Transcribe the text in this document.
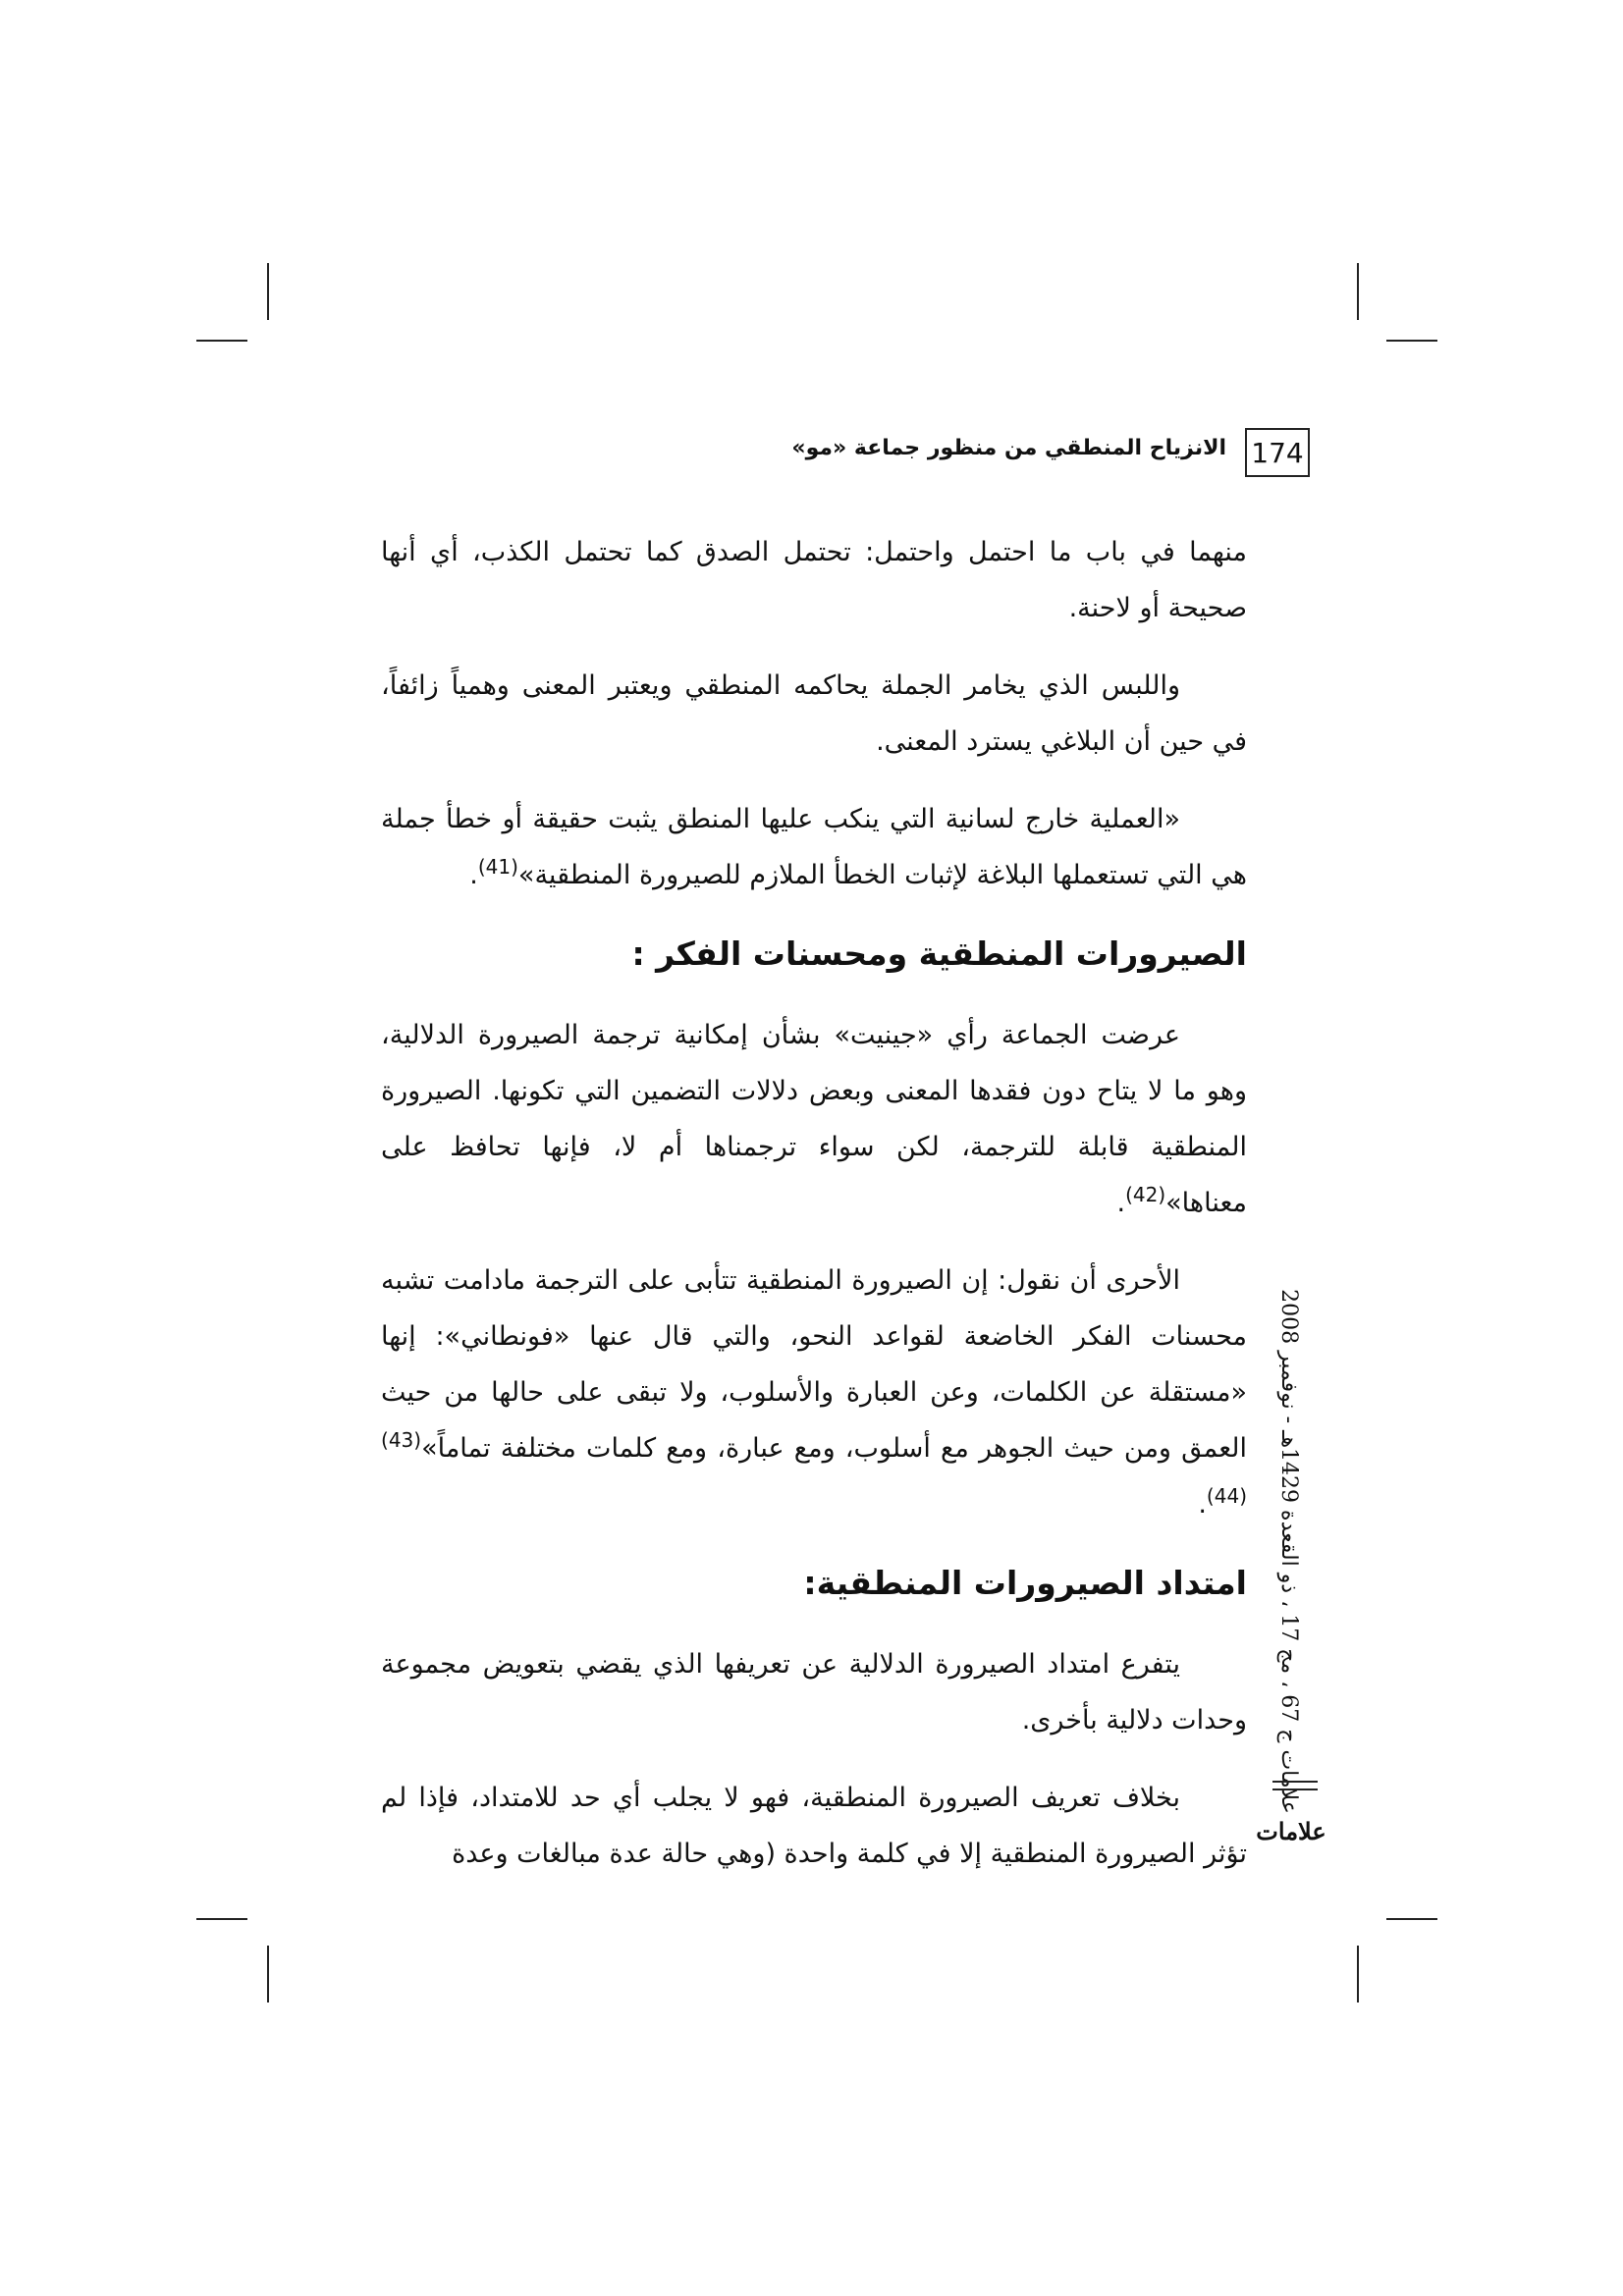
174
الانزياح المنطقي من منظور جماعة «مو»

منهما في باب ما احتمل واحتمل: تحتمل الصدق كما تحتمل الكذب، أي أنها صحيحة أو لاحنة.

واللبس الذي يخامر الجملة يحاكمه المنطقي ويعتبر المعنى وهمياً زائفاً، في حين أن البلاغي يسترد المعنى.

«العملية خارج لسانية التي ينكب عليها المنطق يثبت حقيقة أو خطأ جملة هي التي تستعملها البلاغة لإثبات الخطأ الملازم للصيرورة المنطقية»$^{(41)}$.

الصيرورات المنطقية ومحسنات الفكر :

عرضت الجماعة رأي «جينيت» بشأن إمكانية ترجمة الصيرورة الدلالية، وهو ما لا يتاح دون فقدها المعنى وبعض دلالات التضمين التي تكونها. الصيرورة المنطقية قابلة للترجمة، لكن سواء ترجمناها أم لا، فإنها تحافظ على معناها»$^{(42)}$.

الأحرى أن نقول: إن الصيرورة المنطقية تتأبى على الترجمة مادامت تشبه محسنات الفكر الخاضعة لقواعد النحو، والتي قال عنها «فونطاني»: إنها «مستقلة عن الكلمات، وعن العبارة والأسلوب، ولا تبقى على حالها من حيث العمق ومن حيث الجوهر مع أسلوب، ومع عبارة، ومع كلمات مختلفة تماماً»$^{(43)(44)}$.

امتداد الصيرورات المنطقية:

يتفرع امتداد الصيرورة الدلالية عن تعريفها الذي يقضي بتعويض مجموعة وحدات دلالية بأخرى.

بخلاف تعريف الصيرورة المنطقية، فهو لا يجلب أي حد للامتداد، فإذا لم تؤثر الصيرورة المنطقية إلا في كلمة واحدة (وهي حالة عدة مبالغات وعدة

علامات ج 67 ، مج 17 ، ذو القعدة 1429هـ - نوفمبر 2008
علامات
